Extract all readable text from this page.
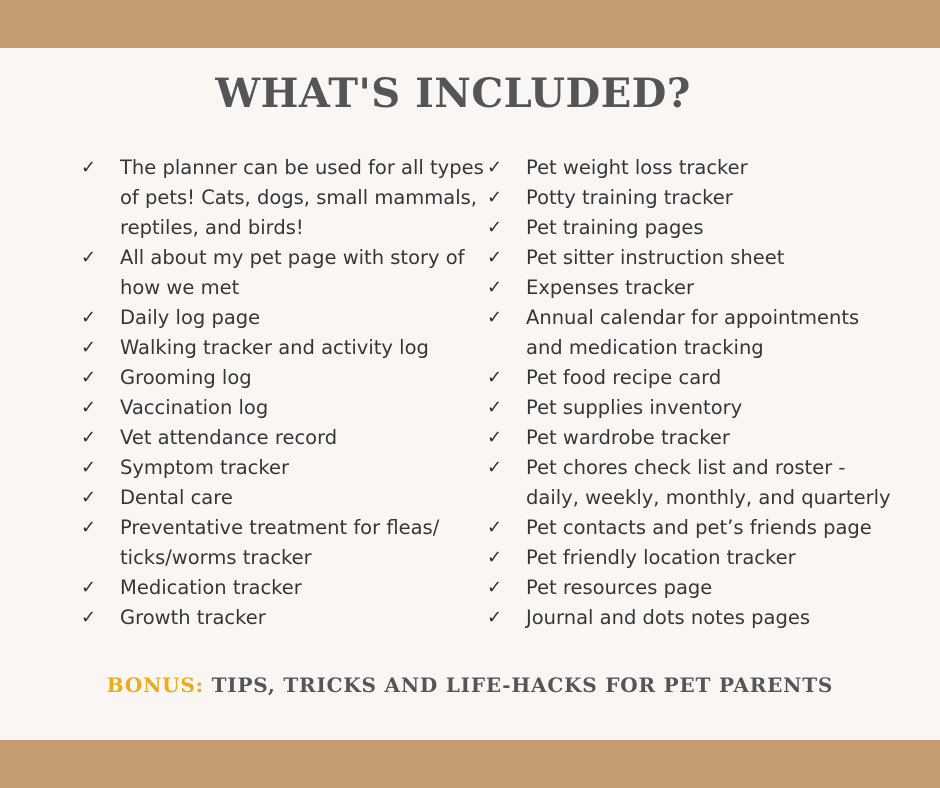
WHAT'S INCLUDED?
✓ The planner can be used for all types
of pets! Cats, dogs, small mammals,
reptiles, and birds!
✓ All about my pet page with story of
how we met
✓ Daily log page
✓ Walking tracker and activity log
✓ Grooming log
✓ Vaccination log
✓ Vet attendance record
✓ Symptom tracker
✓ Dental care
✓ Preventative treatment for fleas/
ticks/worms tracker
✓ Medication tracker
✓ Growth tracker
✓ Pet weight loss tracker
✓ Potty training tracker
✓ Pet training pages
✓ Pet sitter instruction sheet
✓ Expenses tracker
✓ Annual calendar for appointments
and medication tracking
✓ Pet food recipe card
✓ Pet supplies inventory
✓ Pet wardrobe tracker
✓ Pet chores check list and roster -
daily, weekly, monthly, and quarterly
✓ Pet contacts and pet’s friends page
✓ Pet friendly location tracker
✓ Pet resources page
✓ Journal and dots notes pages
BONUS: TIPS, TRICKS AND LIFE-HACKS FOR PET PARENTS
